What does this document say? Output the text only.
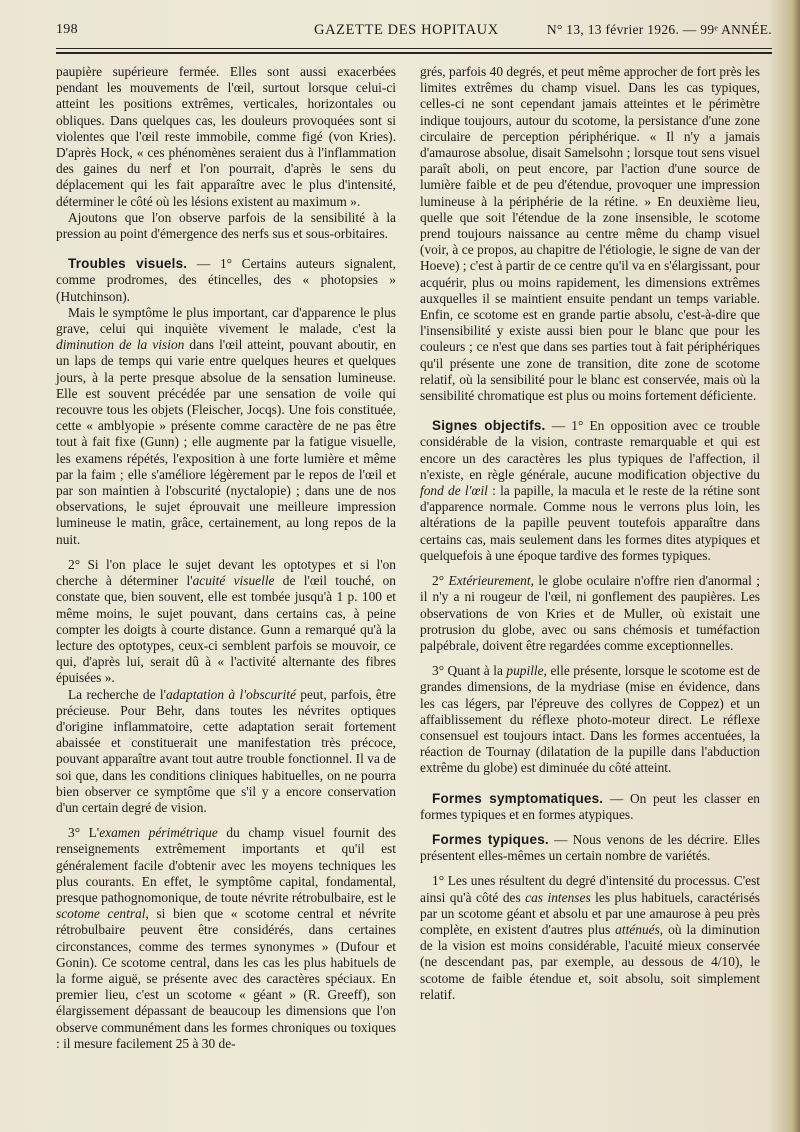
198	GAZETTE DES HOPITAUX	N° 13, 13 février 1926. — 99ᵉ ANNÉE.

paupière supérieure fermée. Elles sont aussi exacerbées pendant les mouvements de l'œil, surtout lorsque celui-ci atteint les positions extrêmes, verticales, horizontales ou obliques. Dans quelques cas, les douleurs provoquées sont si violentes que l'œil reste immobile, comme figé (von Kries). D'après Hock, « ces phénomènes seraient dus à l'inflammation des gaines du nerf et l'on pourrait, d'après le sens du déplacement qui les fait apparaître avec le plus d'intensité, déterminer le côté où les lésions existent au maximum ».

Ajoutons que l'on observe parfois de la sensibilité à la pression au point d'émergence des nerfs sus et sous-orbitaires.

Troubles visuels. — 1° Certains auteurs signalent, comme prodromes, des étincelles, des « photopsies » (Hutchinson).

Mais le symptôme le plus important, car d'apparence le plus grave, celui qui inquiète vivement le malade, c'est la diminution de la vision dans l'œil atteint, pouvant aboutir, en un laps de temps qui varie entre quelques heures et quelques jours, à la perte presque absolue de la sensation lumineuse. Elle est souvent précédée par une sensation de voile qui recouvre tous les objets (Fleischer, Jocqs). Une fois constituée, cette « amblyopie » présente comme caractère de ne pas être tout à fait fixe (Gunn) ; elle augmente par la fatigue visuelle, les examens répétés, l'exposition à une forte lumière et même par la faim ; elle s'améliore légèrement par le repos de l'œil et par son maintien à l'obscurité (nyctalopie) ; dans une de nos observations, le sujet éprouvait une meilleure impression lumineuse le matin, grâce, certainement, au long repos de la nuit.

2° Si l'on place le sujet devant les optotypes et si l'on cherche à déterminer l'acuité visuelle de l'œil touché, on constate que, bien souvent, elle est tombée jusqu'à 1 p. 100 et même moins, le sujet pouvant, dans certains cas, à peine compter les doigts à courte distance. Gunn a remarqué qu'à la lecture des optotypes, ceux-ci semblent parfois se mouvoir, ce qui, d'après lui, serait dû à « l'activité alternante des fibres épuisées ».

La recherche de l'adaptation à l'obscurité peut, parfois, être précieuse. Pour Behr, dans toutes les névrites optiques d'origine inflammatoire, cette adaptation serait fortement abaissée et constituerait une manifestation très précoce, pouvant apparaître avant tout autre trouble fonctionnel. Il va de soi que, dans les conditions cliniques habituelles, on ne pourra bien observer ce symptôme que s'il y a encore conservation d'un certain degré de vision.

3° L'examen périmétrique du champ visuel fournit des renseignements extrêmement importants et qu'il est généralement facile d'obtenir avec les moyens techniques les plus courants. En effet, le symptôme capital, fondamental, presque pathognomonique, de toute névrite rétrobulbaire, est le scotome central, si bien que « scotome central et névrite rétrobulbaire peuvent être considérés, dans certaines circonstances, comme des termes synonymes » (Dufour et Gonin). Ce scotome central, dans les cas les plus habituels de la forme aiguë, se présente avec des caractères spéciaux. En premier lieu, c'est un scotome « géant » (R. Greeff), son élargissement dépassant de beaucoup les dimensions que l'on observe communément dans les formes chroniques ou toxiques : il mesure facilement 25 à 30 de-

grés, parfois 40 degrés, et peut même approcher de fort près les limites extrêmes du champ visuel. Dans les cas typiques, celles-ci ne sont cependant jamais atteintes et le périmètre indique toujours, autour du scotome, la persistance d'une zone circulaire de perception périphérique. « Il n'y a jamais d'amaurose absolue, disait Samelsohn ; lorsque tout sens visuel paraît aboli, on peut encore, par l'action d'une source de lumière faible et de peu d'étendue, provoquer une impression lumineuse à la périphérie de la rétine. » En deuxième lieu, quelle que soit l'étendue de la zone insensible, le scotome prend toujours naissance au centre même du champ visuel (voir, à ce propos, au chapitre de l'étiologie, le signe de van der Hoeve) ; c'est à partir de ce centre qu'il va en s'élargissant, pour acquérir, plus ou moins rapidement, les dimensions extrêmes auxquelles il se maintient ensuite pendant un temps variable. Enfin, ce scotome est en grande partie absolu, c'est-à-dire que l'insensibilité y existe aussi bien pour le blanc que pour les couleurs ; ce n'est que dans ses parties tout à fait périphériques qu'il présente une zone de transition, dite zone de scotome relatif, où la sensibilité pour le blanc est conservée, mais où la sensibilité chromatique est plus ou moins fortement déficiente.

Signes objectifs. — 1° En opposition avec ce trouble considérable de la vision, contraste remarquable et qui est encore un des caractères les plus typiques de l'affection, il n'existe, en règle générale, aucune modification objective du fond de l'œil : la papille, la macula et le reste de la rétine sont d'apparence normale. Comme nous le verrons plus loin, les altérations de la papille peuvent toutefois apparaître dans certains cas, mais seulement dans les formes dites atypiques et quelquefois à une époque tardive des formes typiques.

2° Extérieurement, le globe oculaire n'offre rien d'anormal ; il n'y a ni rougeur de l'œil, ni gonflement des paupières. Les observations de von Kries et de Muller, où existait une protrusion du globe, avec ou sans chémosis et tuméfaction palpébrale, doivent être regardées comme exceptionnelles.

3° Quant à la pupille, elle présente, lorsque le scotome est de grandes dimensions, de la mydriase (mise en évidence, dans les cas légers, par l'épreuve des collyres de Coppez) et un affaiblissement du réflexe photo-moteur direct. Le réflexe consensuel est toujours intact. Dans les formes accentuées, la réaction de Tournay (dilatation de la pupille dans l'abduction extrême du globe) est diminuée du côté atteint.

Formes symptomatiques. — On peut les classer en formes typiques et en formes atypiques.

Formes typiques. — Nous venons de les décrire. Elles présentent elles-mêmes un certain nombre de variétés.

1° Les unes résultent du degré d'intensité du processus. C'est ainsi qu'à côté des cas intenses les plus habituels, caractérisés par un scotome géant et absolu et par une amaurose à peu près complète, en existent d'autres plus atténués, où la diminution de la vision est moins considérable, l'acuité mieux conservée (ne descendant pas, par exemple, au dessous de 4/10), le scotome de faible étendue et, soit absolu, soit simplement relatif.
